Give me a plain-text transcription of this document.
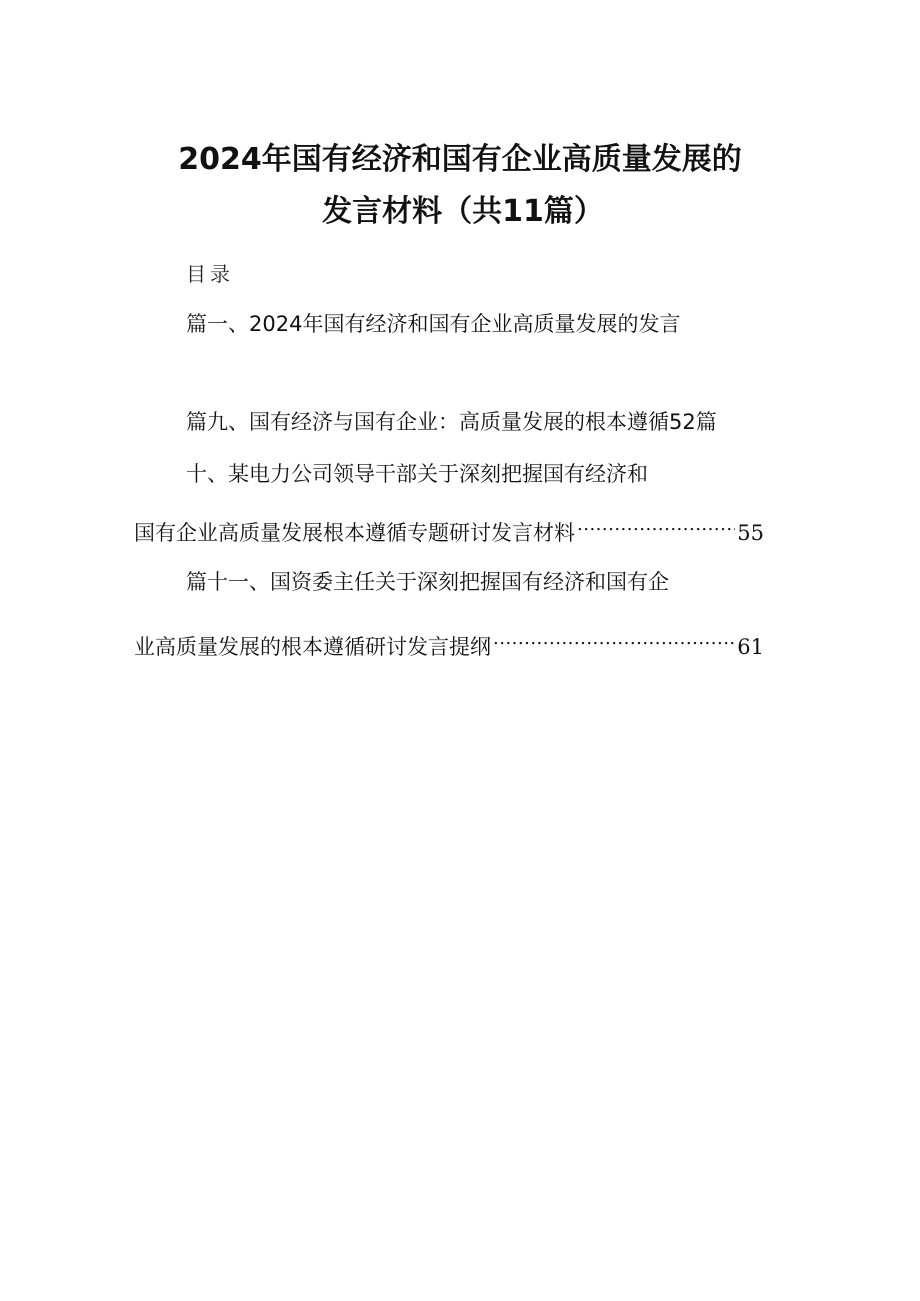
2024年国有经济和国有企业高质量发展的
发言材料（共11篇）
目录
篇一、2024年国有经济和国有企业高质量发展的发言
篇九、国有经济与国有企业：高质量发展的根本遵循52篇
十、某电力公司领导干部关于深刻把握国有经济和
国有企业高质量发展根本遵循专题研讨发言材料 .....	55
篇十一、国资委主任关于深刻把握国有经济和国有企
业高质量发展的根本遵循研讨发言提纲 .....	61
